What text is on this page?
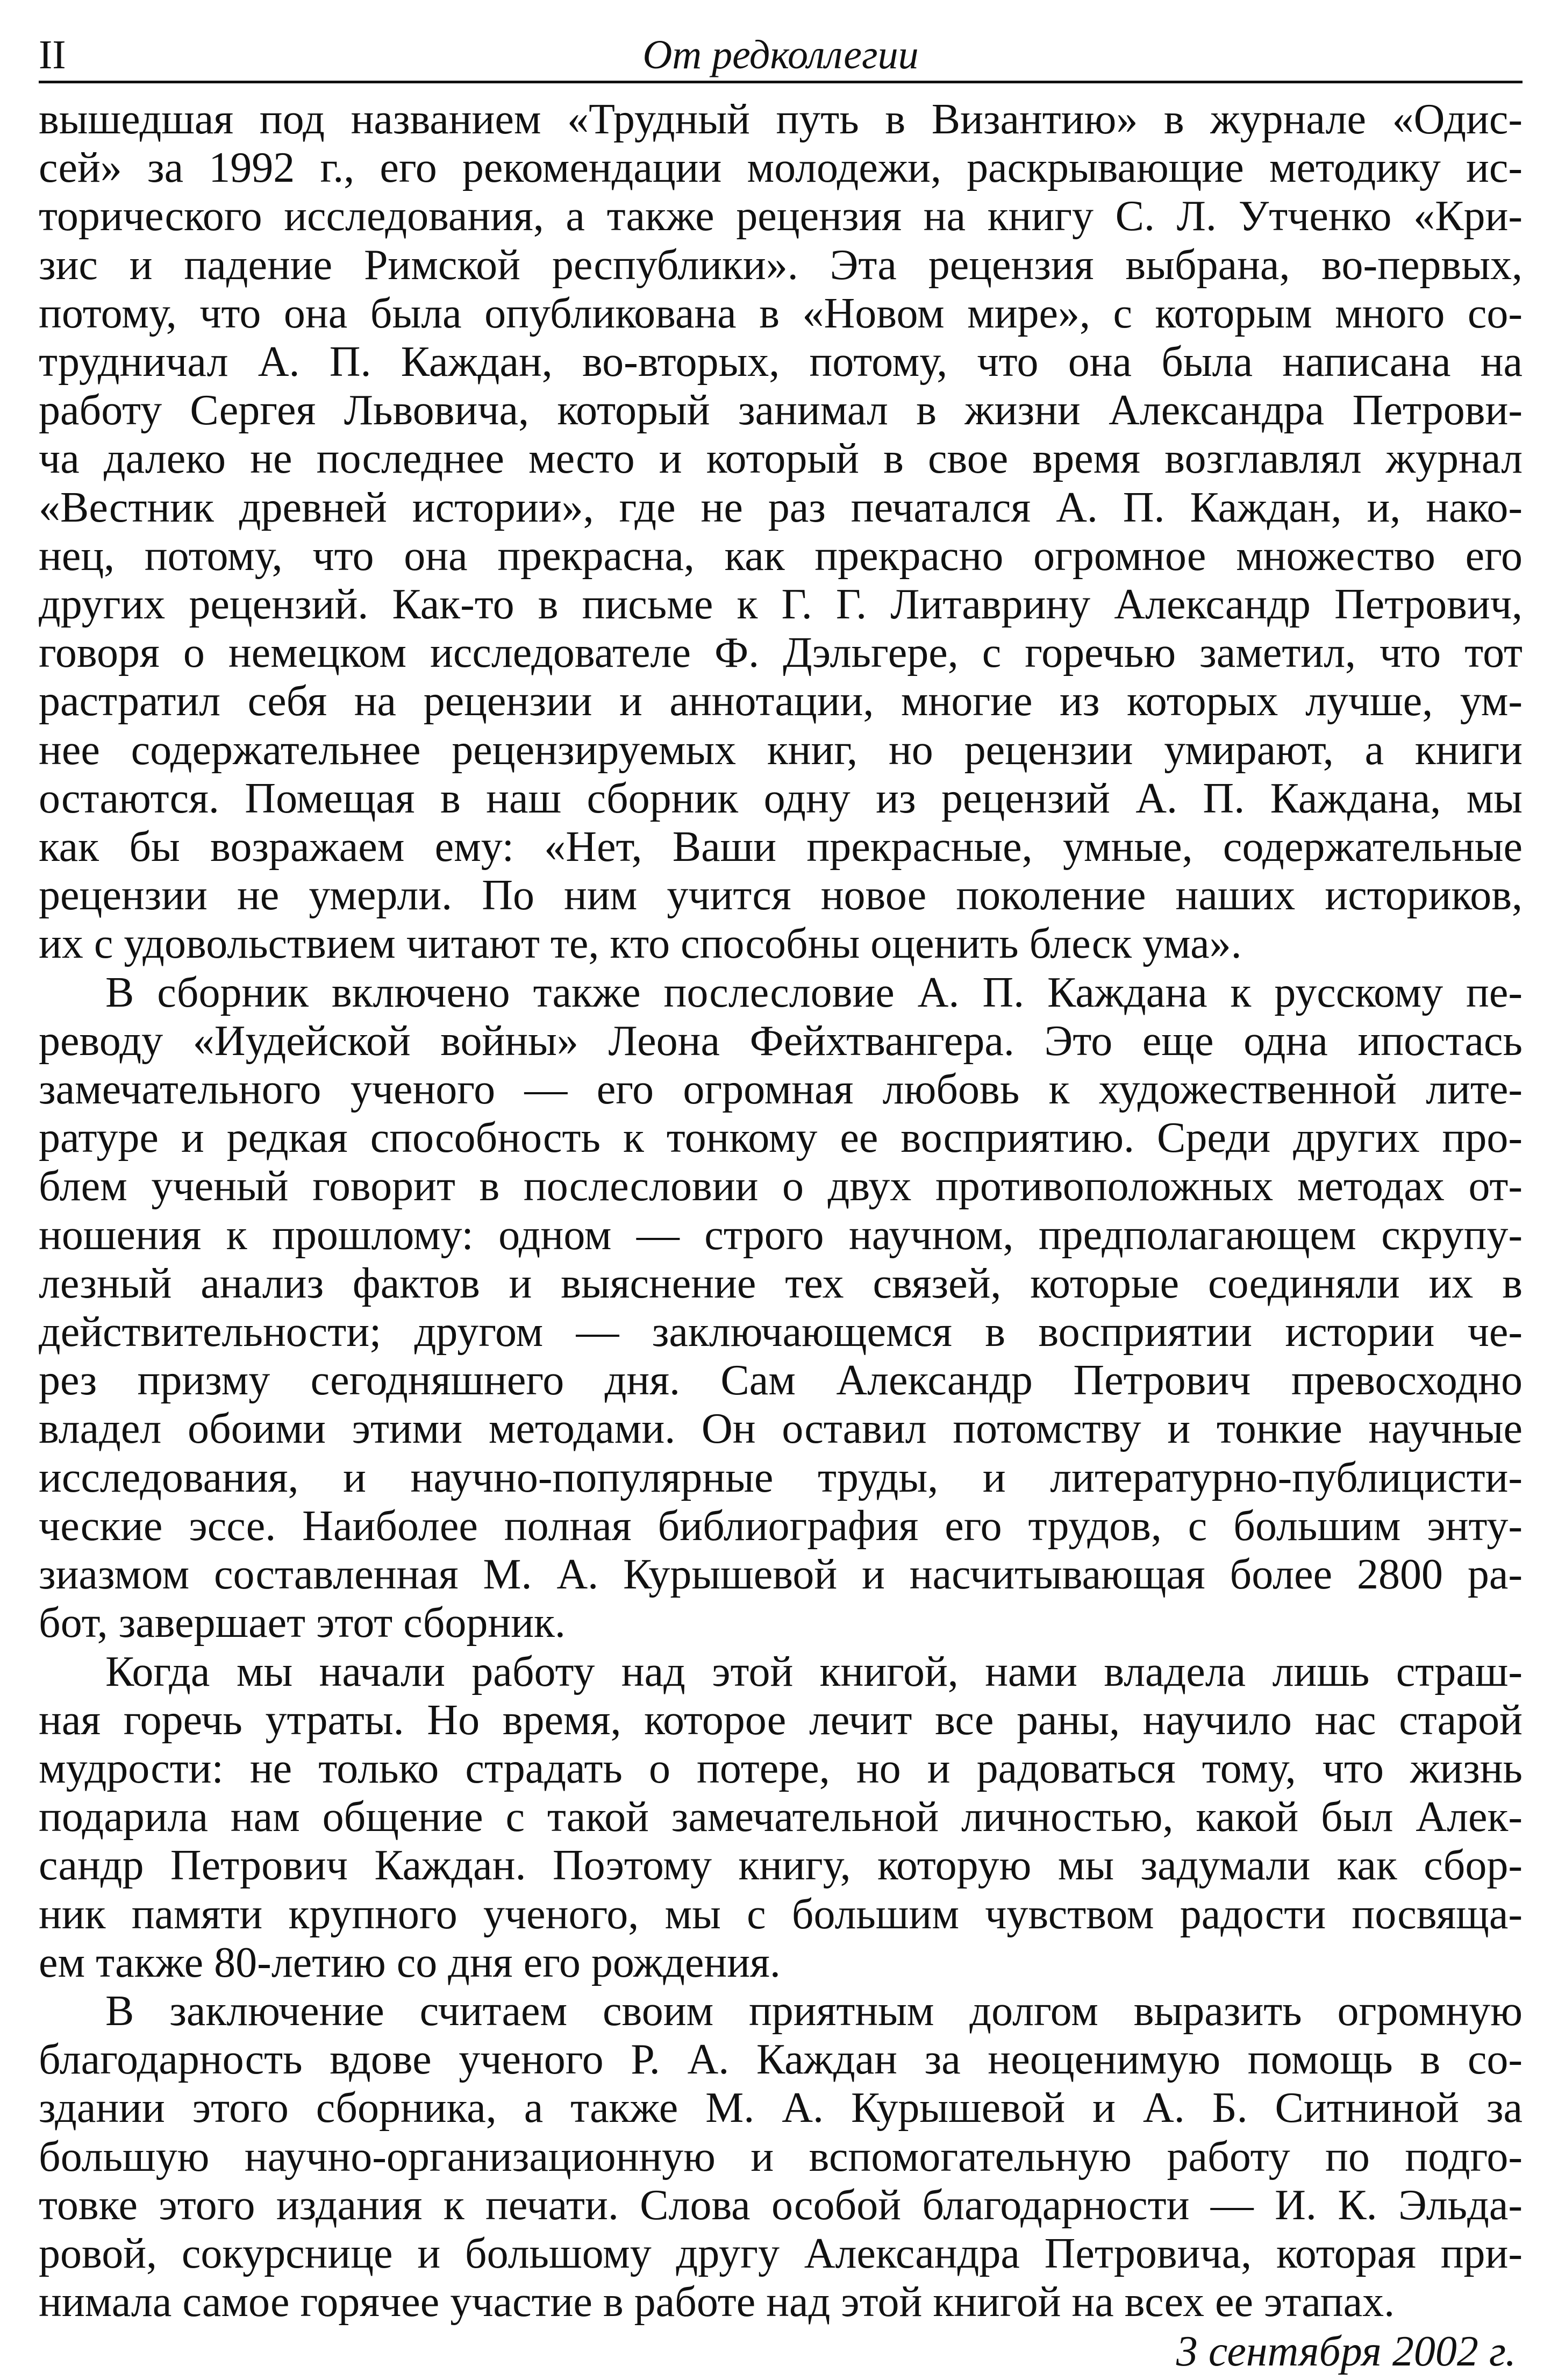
II	От редколлегии

вышедшая под названием «Трудный путь в Византию» в журнале «Одис-
сей» за 1992 г., его рекомендации молодежи, раскрывающие методику ис-
торического исследования, а также рецензия на книгу С. Л. Утченко «Кри-
зис и падение Римской республики». Эта рецензия выбрана, во-первых,
потому, что она была опубликована в «Новом мире», с которым много со-
трудничал А. П. Каждан, во-вторых, потому, что она была написана на
работу Сергея Львовича, который занимал в жизни Александра Петрови-
ча далеко не последнее место и который в свое время возглавлял журнал
«Вестник древней истории», где не раз печатался А. П. Каждан, и, нако-
нец, потому, что она прекрасна, как прекрасно огромное множество его
других рецензий. Как-то в письме к Г. Г. Литаврину Александр Петрович,
говоря о немецком исследователе Ф. Дэльгере, с горечью заметил, что тот
растратил себя на рецензии и аннотации, многие из которых лучше, ум-
нее содержательнее рецензируемых книг, но рецензии умирают, а книги
остаются. Помещая в наш сборник одну из рецензий А. П. Каждана, мы
как бы возражаем ему: «Нет, Ваши прекрасные, умные, содержательные
рецензии не умерли. По ним учится новое поколение наших историков,
их с удовольствием читают те, кто способны оценить блеск ума».

В сборник включено также послесловие А. П. Каждана к русскому пе-
реводу «Иудейской войны» Леона Фейхтвангера. Это еще одна ипостась
замечательного ученого — его огромная любовь к художественной лите-
ратуре и редкая способность к тонкому ее восприятию. Среди других про-
блем ученый говорит в послесловии о двух противоположных методах от-
ношения к прошлому: одном — строго научном, предполагающем скрупу-
лезный анализ фактов и выяснение тех связей, которые соединяли их в
действительности; другом — заключающемся в восприятии истории че-
рез призму сегодняшнего дня. Сам Александр Петрович превосходно
владел обоими этими методами. Он оставил потомству и тонкие научные
исследования, и научно-популярные труды, и литературно-публицисти-
ческие эссе. Наиболее полная библиография его трудов, с большим энту-
зиазмом составленная М. А. Курышевой и насчитывающая более 2800 ра-
бот, завершает этот сборник.

Когда мы начали работу над этой книгой, нами владела лишь страш-
ная горечь утраты. Но время, которое лечит все раны, научило нас старой
мудрости: не только страдать о потере, но и радоваться тому, что жизнь
подарила нам общение с такой замечательной личностью, какой был Алек-
сандр Петрович Каждан. Поэтому книгу, которую мы задумали как сбор-
ник памяти крупного ученого, мы с большим чувством радости посвяща-
ем также 80-летию со дня его рождения.

В заключение считаем своим приятным долгом выразить огромную
благодарность вдове ученого Р. А. Каждан за неоценимую помощь в со-
здании этого сборника, а также М. А. Курышевой и А. Б. Ситниной за
большую научно-организационную и вспомогательную работу по подго-
товке этого издания к печати. Слова особой благодарности — И. К. Эльда-
ровой, сокурснице и большому другу Александра Петровича, которая при-
нимала самое горячее участие в работе над этой книгой на всех ее этапах.

3 сентября 2002 г.
